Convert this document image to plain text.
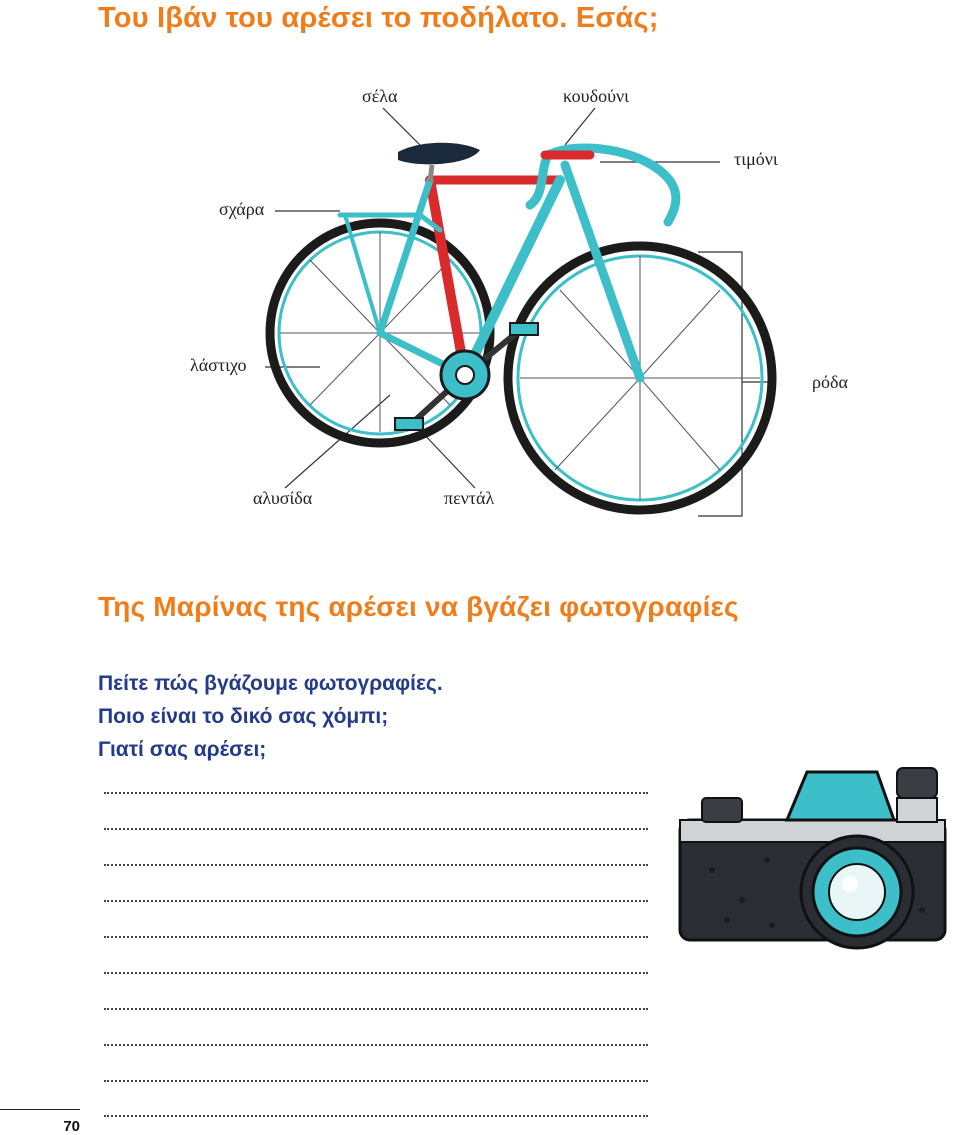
Του Ιβάν του αρέσει το ποδήλατο. Εσάς;
σέλα	κουδούνι
τιμόνι
σχάρα
λάστιχο
ρόδα
αλυσίδα	πεντάλ
Της Μαρίνας της αρέσει να βγάζει φωτογραφίες

Πείτε πώς βγάζουμε φωτογραφίες.

Ποιο είναι το δικό σας χόμπι;

Γιατί σας αρέσει;

70
